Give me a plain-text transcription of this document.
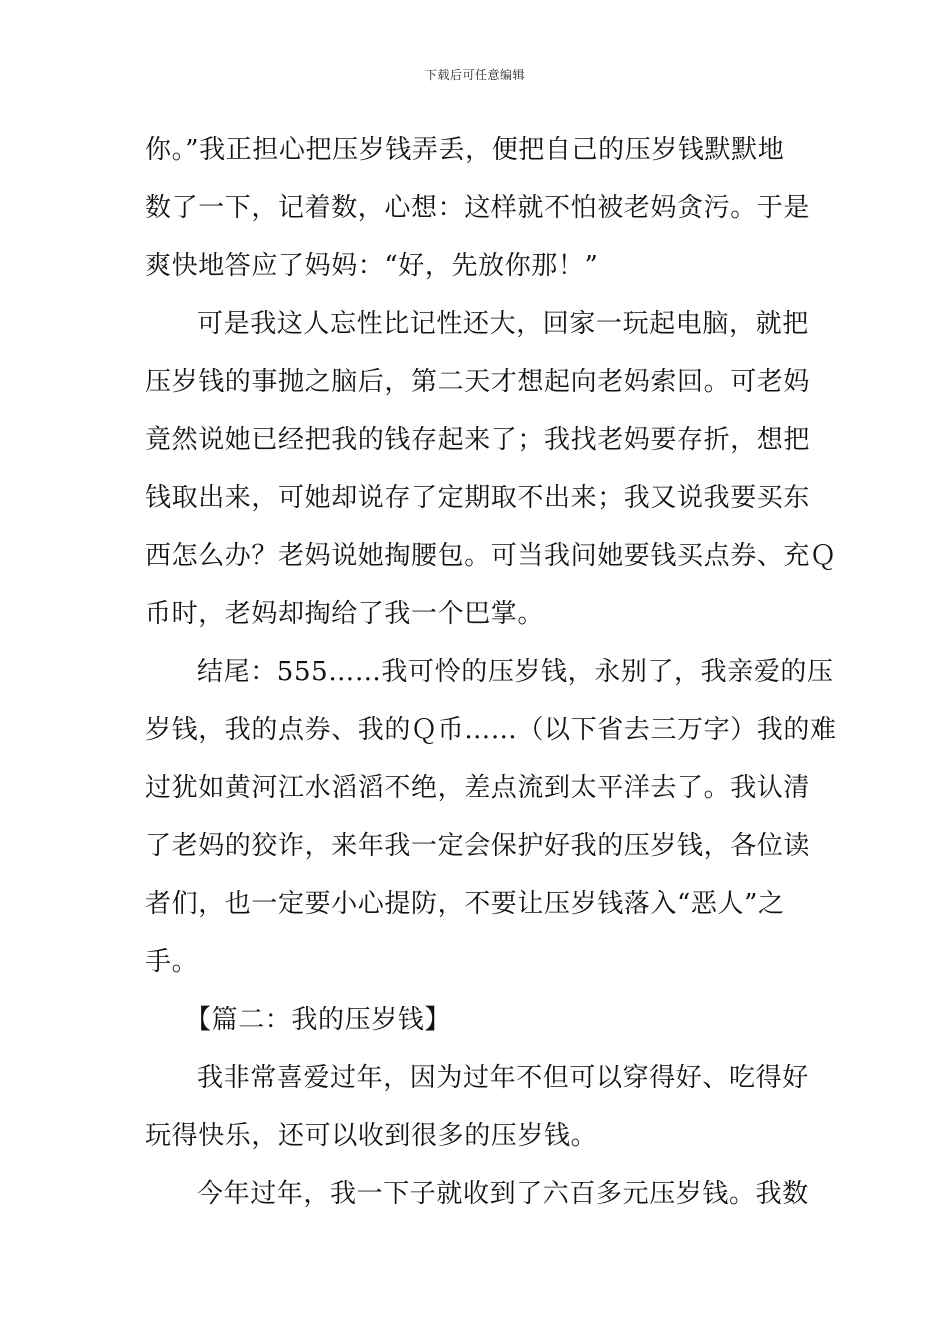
下载后可任意编辑
你。”我正担心把压岁钱弄丢，便把自己的压岁钱默默地
数了一下，记着数，心想：这样就不怕被老妈贪污。于是
爽快地答应了妈妈：“好，先放你那！”
可是我这人忘性比记性还大，回家一玩起电脑，就把
压岁钱的事抛之脑后，第二天才想起向老妈索回。可老妈
竟然说她已经把我的钱存起来了；我找老妈要存折，想把
钱取出来，可她却说存了定期取不出来；我又说我要买东
西怎么办？老妈说她掏腰包。可当我问她要钱买点券、充Ｑ
币时，老妈却掏给了我一个巴掌。
结尾：555……我可怜的压岁钱，永别了，我亲爱的压
岁钱，我的点券、我的Ｑ币……（以下省去三万字）我的难
过犹如黄河江水滔滔不绝，差点流到太平洋去了。我认清
了老妈的狡诈，来年我一定会保护好我的压岁钱，各位读
者们，也一定要小心提防，不要让压岁钱落入“恶人”之
手。
【篇二：我的压岁钱】
我非常喜爱过年，因为过年不但可以穿得好、吃得好
玩得快乐，还可以收到很多的压岁钱。
今年过年，我一下子就收到了六百多元压岁钱。我数
